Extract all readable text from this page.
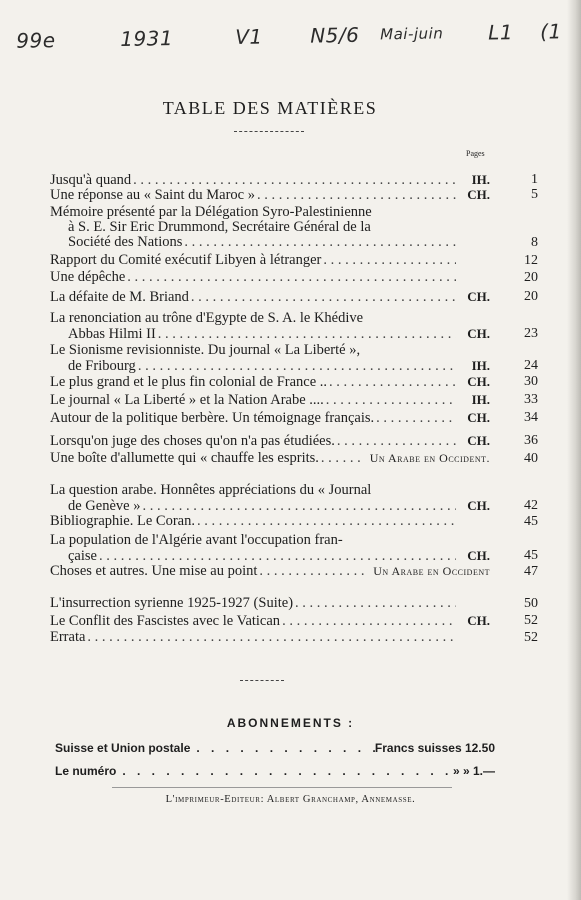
99e	1931	V1 N5/6 Mai-juin L1 (1
TABLE DES MATIÈRES
Pages
Jusqu'à quand . . .	IH.	1
Une réponse au « Saint du Maroc » . . .	CH.	5
Mémoire présenté par la Délégation Syro-Palestinienne
à S. E. Sir Eric Drummond, Secrétaire Général de la
Société des Nations . . .	8
Rapport du Comité exécutif Libyen à létranger . . .	12
Une dépêche . . .	20
La défaite de M. Briand . . .	CH.	20
La renonciation au trône d'Egypte de S. A. le Khédive
Abbas Hilmi II . . .	CH.	23
Le Sionisme revisionniste. Du journal « La Liberté »,
de Fribourg . . .	IH.	24
Le plus grand et le plus fin colonial de France .. . . .	CH.	30
Le journal « La Liberté » et la Nation Arabe .... . . .	IH.	33
Autour de la politique berbère. Un témoignage français. . . .	CH.	34
Lorsqu'on juge des choses qu'on n'a pas étudiées. . . .	CH.	36
Une boîte d'allumette qui « chauffe les esprits. . . .	Un Arabe en Occident.	40
La question arabe. Honnêtes appréciations du « Journal
de Genève » . . .	CH.	42
Bibliographie. Le Coran. . . .	45
La population de l'Algérie avant l'occupation fran-
çaise . . .	CH.	45
Choses et autres. Une mise au point . . .	Un Arabe en Occident	47
L'insurrection syrienne 1925-1927 (Suite) . . .	50
Le Conflit des Fascistes avec le Vatican . . .	CH.	52
Errata . . .	52
ABONNEMENTS :
Suisse et Union postale . . .	Francs suisses 12.50
Le numéro . . .	» » 1.—
L'imprimeur-Editeur: Albert Granchamp, Annemasse.
